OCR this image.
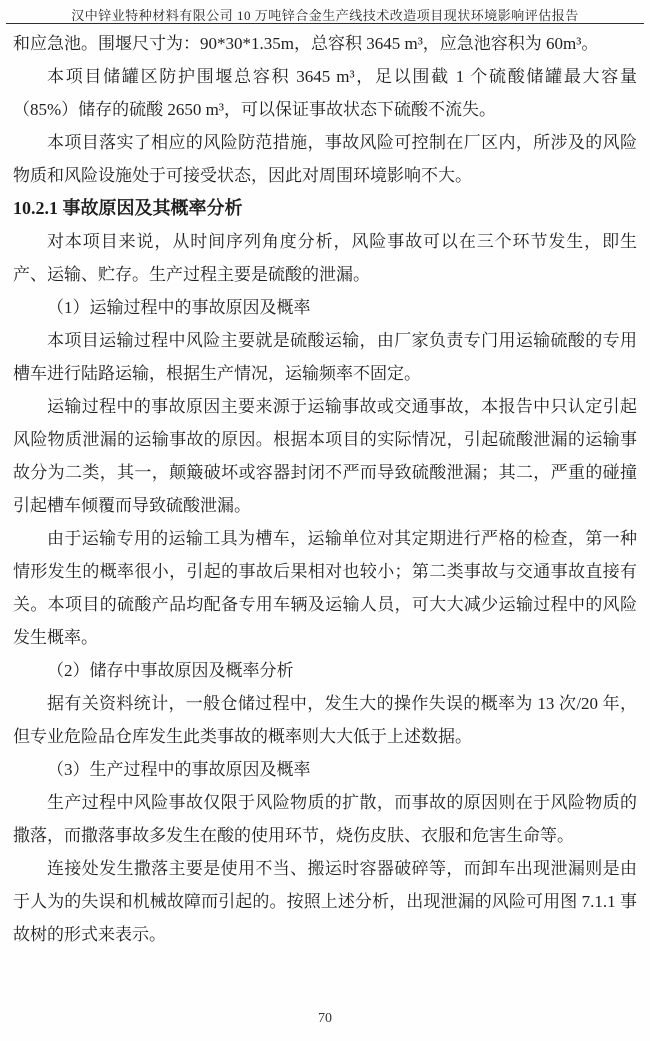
汉中锌业特种材料有限公司 10 万吨锌合金生产线技术改造项目现状环境影响评估报告

和应急池。围堰尺寸为：90*30*1.35m，总容积 3645 m³，应急池容积为 60m³。

本项目储罐区防护围堰总容积 3645 m³，足以围截 1 个硫酸储罐最大容量（85%）储存的硫酸 2650 m³，可以保证事故状态下硫酸不流失。

本项目落实了相应的风险防范措施，事故风险可控制在厂区内，所涉及的风险物质和风险设施处于可接受状态，因此对周围环境影响不大。

10.2.1 事故原因及其概率分析

对本项目来说，从时间序列角度分析，风险事故可以在三个环节发生，即生产、运输、贮存。生产过程主要是硫酸的泄漏。

（1）运输过程中的事故原因及概率

本项目运输过程中风险主要就是硫酸运输，由厂家负责专门用运输硫酸的专用槽车进行陆路运输，根据生产情况，运输频率不固定。

运输过程中的事故原因主要来源于运输事故或交通事故，本报告中只认定引起风险物质泄漏的运输事故的原因。根据本项目的实际情况，引起硫酸泄漏的运输事故分为二类，其一，颠簸破坏或容器封闭不严而导致硫酸泄漏；其二，严重的碰撞引起槽车倾覆而导致硫酸泄漏。

由于运输专用的运输工具为槽车，运输单位对其定期进行严格的检查，第一种情形发生的概率很小，引起的事故后果相对也较小；第二类事故与交通事故直接有关。本项目的硫酸产品均配备专用车辆及运输人员，可大大减少运输过程中的风险发生概率。

（2）储存中事故原因及概率分析

据有关资料统计，一般仓储过程中，发生大的操作失误的概率为 13 次/20 年，但专业危险品仓库发生此类事故的概率则大大低于上述数据。

（3）生产过程中的事故原因及概率

生产过程中风险事故仅限于风险物质的扩散，而事故的原因则在于风险物质的撒落，而撒落事故多发生在酸的使用环节，烧伤皮肤、衣服和危害生命等。

连接处发生撒落主要是使用不当、搬运时容器破碎等，而卸车出现泄漏则是由于人为的失误和机械故障而引起的。按照上述分析，出现泄漏的风险可用图 7.1.1 事故树的形式来表示。

70
